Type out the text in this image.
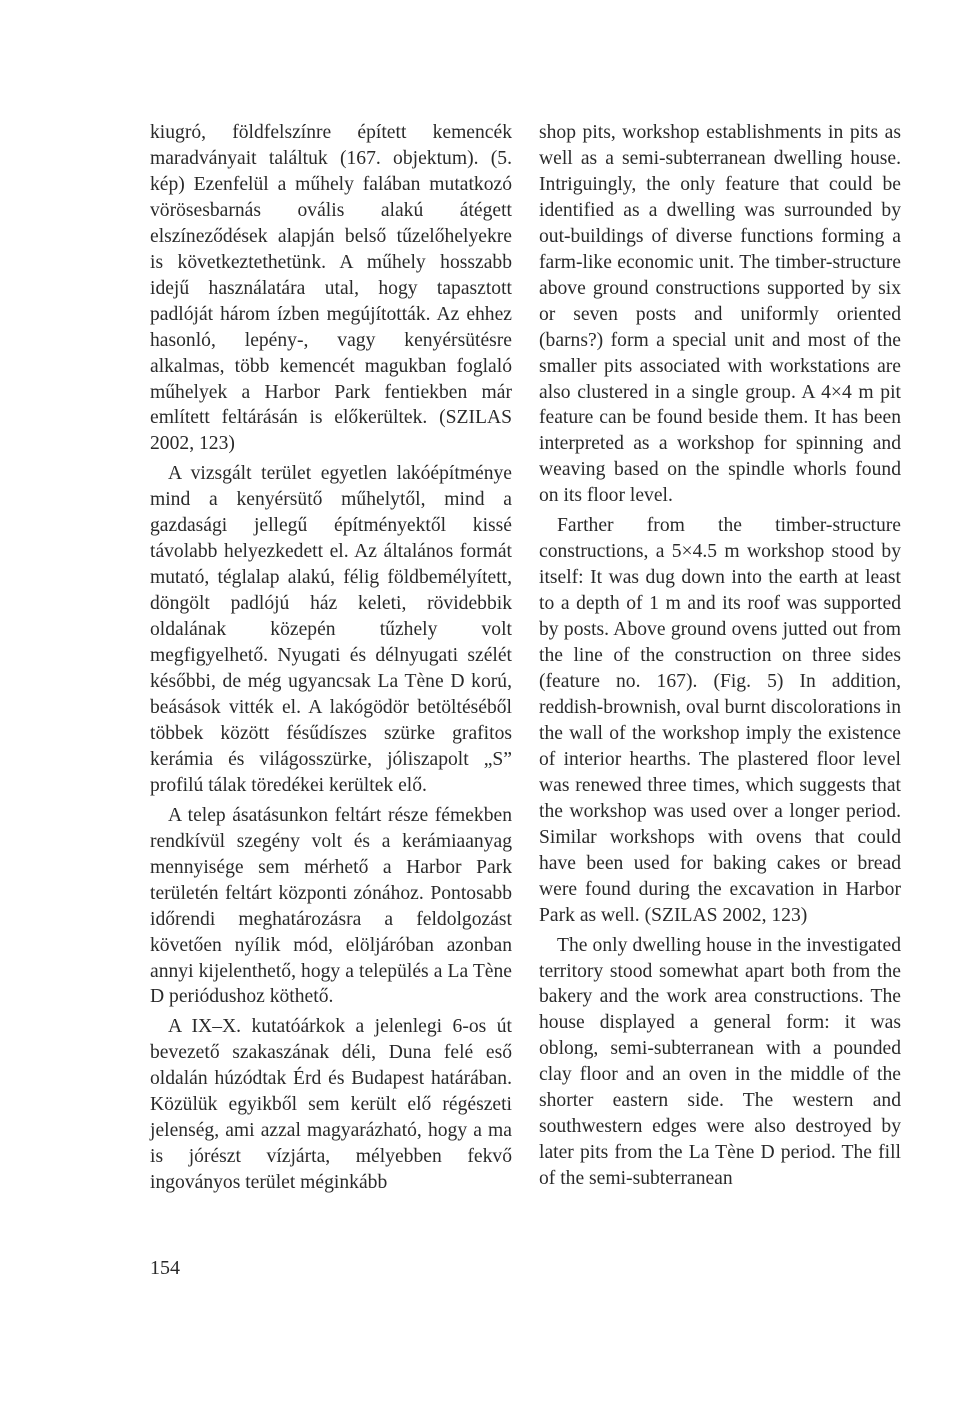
kiugró, földfelszínre épített kemencék maradványait találtuk (167. objektum). (5. kép) Ezenfelül a műhely falában mutatkozó vörösesbarnás ovális alakú átégett elszíneződések alapján belső tűzelőhelyekre is következtethetünk. A műhely hosszabb idejű használatára utal, hogy tapasztott padlóját három ízben megújították. Az ehhez hasonló, lepény-, vagy kenyérsütésre alkalmas, több kemencét magukban foglaló műhelyek a Harbor Park fentiekben már említett feltárásán is előkerültek. (SZILAS 2002, 123)

A vizsgált terület egyetlen lakóépítménye mind a kenyérsütő műhelytől, mind a gazdasági jellegű építményektől kissé távolabb helyezkedett el. Az általános formát mutató, téglalap alakú, félig földbemélyített, döngölt padlójú ház keleti, rövidebbik oldalának közepén tűzhely volt megfigyelhető. Nyugati és délnyugati szélét későbbi, de még ugyancsak La Tène D korú, beásások vitték el. A lakógödör betöltéséből többek között fésűdíszes szürke grafitos kerámia és világosszürke, jóliszapolt „S” profilú tálak töredékei kerültek elő.

A telep ásatásunkon feltárt része fémekben rendkívül szegény volt és a kerámiaanyag mennyisége sem mérhető a Harbor Park területén feltárt központi zónához. Pontosabb időrendi meghatározásra a feldolgozást követően nyílik mód, elöljáróban azonban annyi kijelenthető, hogy a település a La Tène D periódushoz köthető.

A IX–X. kutatóárkok a jelenlegi 6-os út bevezető szakaszának déli, Duna felé eső oldalán húzódtak Érd és Budapest határában. Közülük egyikből sem került elő régészeti jelenség, ami azzal magyarázható, hogy a ma is jórészt vízjárta, mélyebben fekvő ingoványos terület méginkább

shop pits, workshop establishments in pits as well as a semi-subterranean dwelling house. Intriguingly, the only feature that could be identified as a dwelling was surrounded by out-buildings of diverse functions forming a farm-like economic unit. The timber-structure above ground constructions supported by six or seven posts and uniformly oriented (barns?) form a special unit and most of the smaller pits associated with workstations are also clustered in a single group. A 4×4 m pit feature can be found beside them. It has been interpreted as a workshop for spinning and weaving based on the spindle whorls found on its floor level.

Farther from the timber-structure constructions, a 5×4.5 m workshop stood by itself: It was dug down into the earth at least to a depth of 1 m and its roof was supported by posts. Above ground ovens jutted out from the line of the construction on three sides (feature no. 167). (Fig. 5) In addition, reddish-brownish, oval burnt discolorations in the wall of the workshop imply the existence of interior hearths. The plastered floor level was renewed three times, which suggests that the workshop was used over a longer period. Similar workshops with ovens that could have been used for baking cakes or bread were found during the excavation in Harbor Park as well. (SZILAS 2002, 123)

The only dwelling house in the investigated territory stood somewhat apart both from the bakery and the work area constructions. The house displayed a general form: it was oblong, semi-subterranean with a pounded clay floor and an oven in the middle of the shorter eastern side. The western and southwestern edges were also destroyed by later pits from the La Tène D period. The fill of the semi-subterranean

154
